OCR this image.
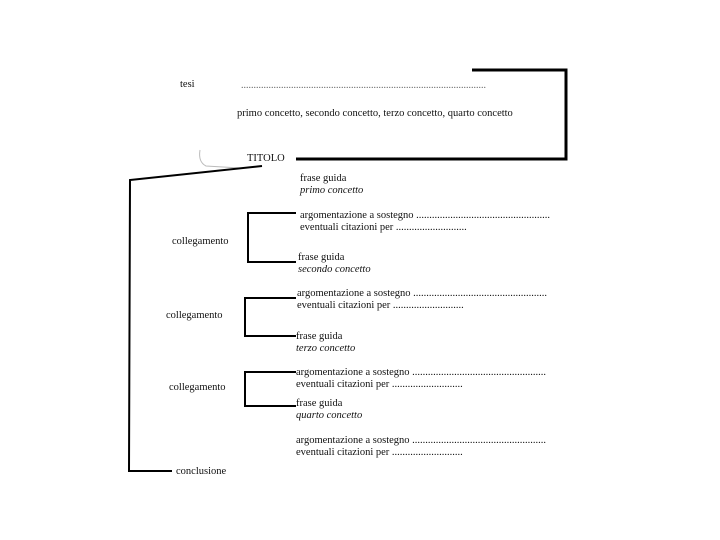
tesi	..................................................................................................
primo concetto, secondo concetto, terzo concetto, quarto concetto
TITOLO
frase guida
primo concetto
argomentazione a sostegno ...................................................
eventuali citazioni per ...........................
collegamento
frase guida
secondo concetto
argomentazione a sostegno ...................................................
eventuali citazioni per ...........................
collegamento
frase guida
terzo concetto
argomentazione a sostegno ...................................................
eventuali citazioni per ...........................
collegamento
frase guida
quarto concetto
argomentazione a sostegno ...................................................
eventuali citazioni per ...........................
conclusione
